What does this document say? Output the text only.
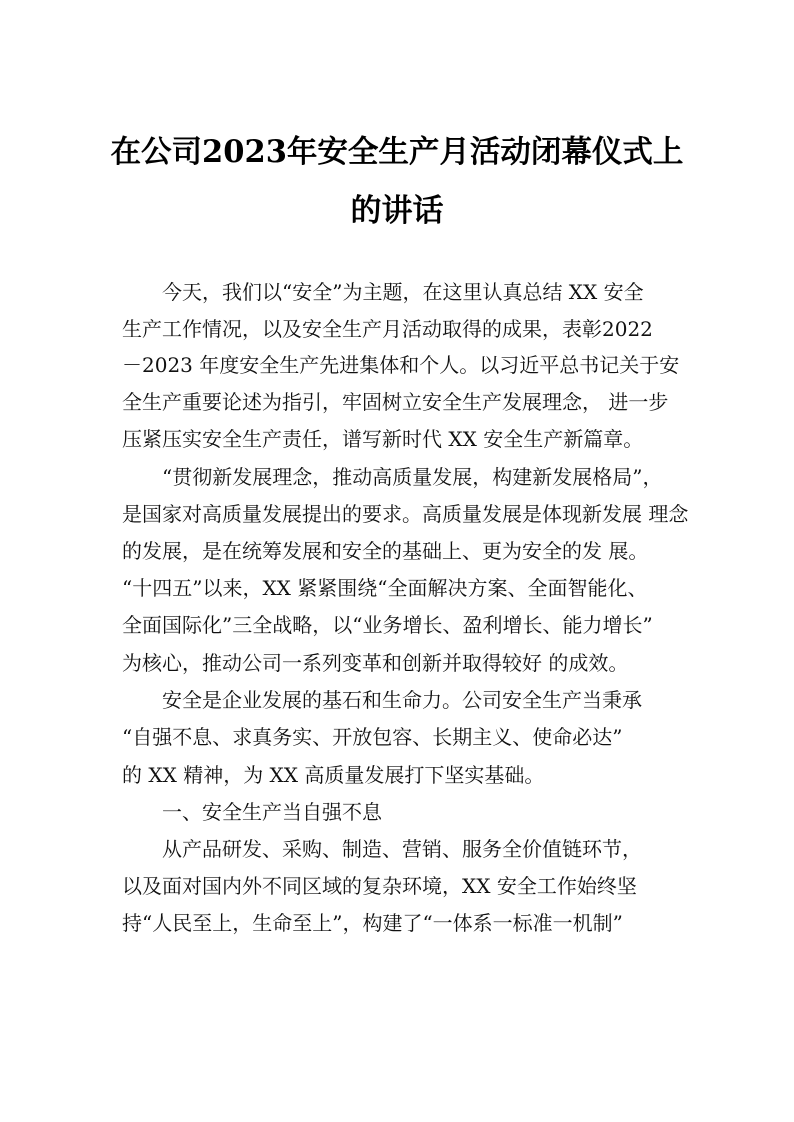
在公司2023年安全生产月活动闭幕仪式上
的讲话
　　今天，我们以“安全”为主题，在这里认真总结 XX 安全
生产工作情况，以及安全生产月活动取得的成果，表彰2022
－2023 年度安全生产先进集体和个人。以习近平总书记关于安
全生产重要论述为指引，牢固树立安全生产发展理念， 进一步
压紧压实安全生产责任，谱写新时代 XX 安全生产新篇章。
　　“贯彻新发展理念，推动高质量发展，构建新发展格局”，
是国家对高质量发展提出的要求。高质量发展是体现新发展 理念
的发展，是在统筹发展和安全的基础上、更为安全的发 展。
“十四五”以来，XX 紧紧围绕“全面解决方案、全面智能化、
全面国际化”三全战略，以“业务增长、盈利增长、能力增长”
为核心，推动公司一系列变革和创新并取得较好 的成效。
　　安全是企业发展的基石和生命力。公司安全生产当秉承
“自强不息、求真务实、开放包容、长期主义、使命必达”
的 XX 精神，为 XX 高质量发展打下坚实基础。
　　一、安全生产当自强不息
　　从产品研发、采购、制造、营销、服务全价值链环节，
以及面对国内外不同区域的复杂环境，XX 安全工作始终坚
持“人民至上，生命至上”，构建了“一体系一标准一机制”
